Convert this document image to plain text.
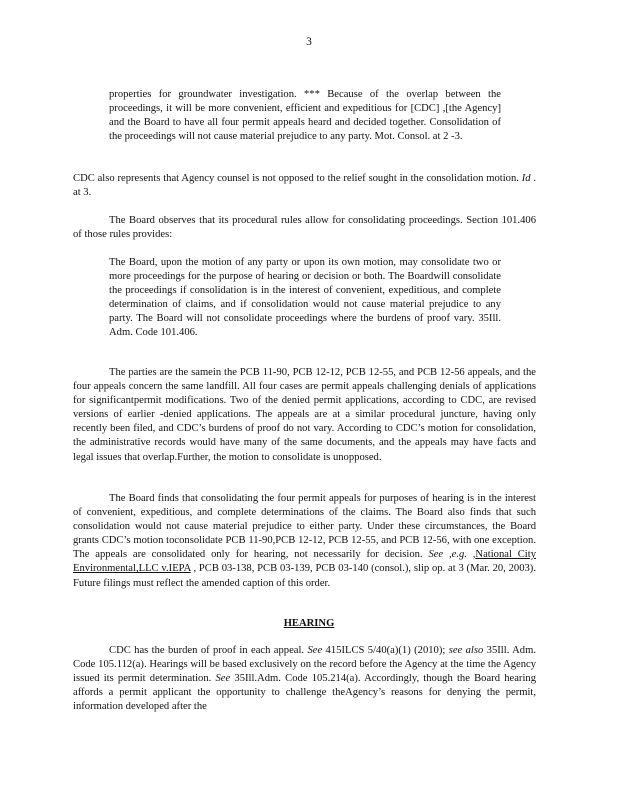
3

properties for groundwater investigation. *** Because of the overlap between the proceedings, it will be more convenient, efficient and expeditious for [CDC] ,[the Agency] and the Board to have all four permit appeals heard and decided together. Consolidation of the proceedings will not cause material prejudice to any party. Mot. Consol. at 2 -3.

CDC also represents that Agency counsel is not opposed to the relief sought in the consolidation motion. Id . at 3.

The Board observes that its procedural rules allow for consolidating proceedings. Section 101.406 of those rules provides:

The Board, upon the motion of any party or upon its own motion, may consolidate two or more proceedings for the purpose of hearing or decision or both. The Boardwill consolidate the proceedings if consolidation is in the interest of convenient, expeditious, and complete determination of claims, and if consolidation would not cause material prejudice to any party. The Board will not consolidate proceedings where the burdens of proof vary. 35Ill. Adm. Code 101.406.

The parties are the samein the PCB 11-90, PCB 12-12, PCB 12-55, and PCB 12-56 appeals, and the four appeals concern the same landfill. All four cases are permit appeals challenging denials of applications for significantpermit modifications. Two of the denied permit applications, according to CDC, are revised versions of earlier -denied applications. The appeals are at a similar procedural juncture, having only recently been filed, and CDC’s burdens of proof do not vary. According to CDC’s motion for consolidation, the administrative records would have many of the same documents, and the appeals may have facts and legal issues that overlap.Further, the motion to consolidate is unopposed.

The Board finds that consolidating the four permit appeals for purposes of hearing is in the interest of convenient, expeditious, and complete determinations of the claims. The Board also finds that such consolidation would not cause material prejudice to either party. Under these circumstances, the Board grants CDC’s motion toconsolidate PCB 11-90,PCB 12-12, PCB 12-55, and PCB 12-56, with one exception. The appeals are consolidated only for hearing, not necessarily for decision. See ,e.g. ,National City Environmental,LLC v.IEPA , PCB 03-138, PCB 03-139, PCB 03-140 (consol.), slip op. at 3 (Mar. 20, 2003). Future filings must reflect the amended caption of this order.

HEARING

CDC has the burden of proof in each appeal. See 415ILCS 5/40(a)(1) (2010); see also 35Ill. Adm. Code 105.112(a). Hearings will be based exclusively on the record before the Agency at the time the Agency issued its permit determination. See 35Ill.Adm. Code 105.214(a). Accordingly, though the Board hearing affords a permit applicant the opportunity to challenge theAgency’s reasons for denying the permit, information developed after the
